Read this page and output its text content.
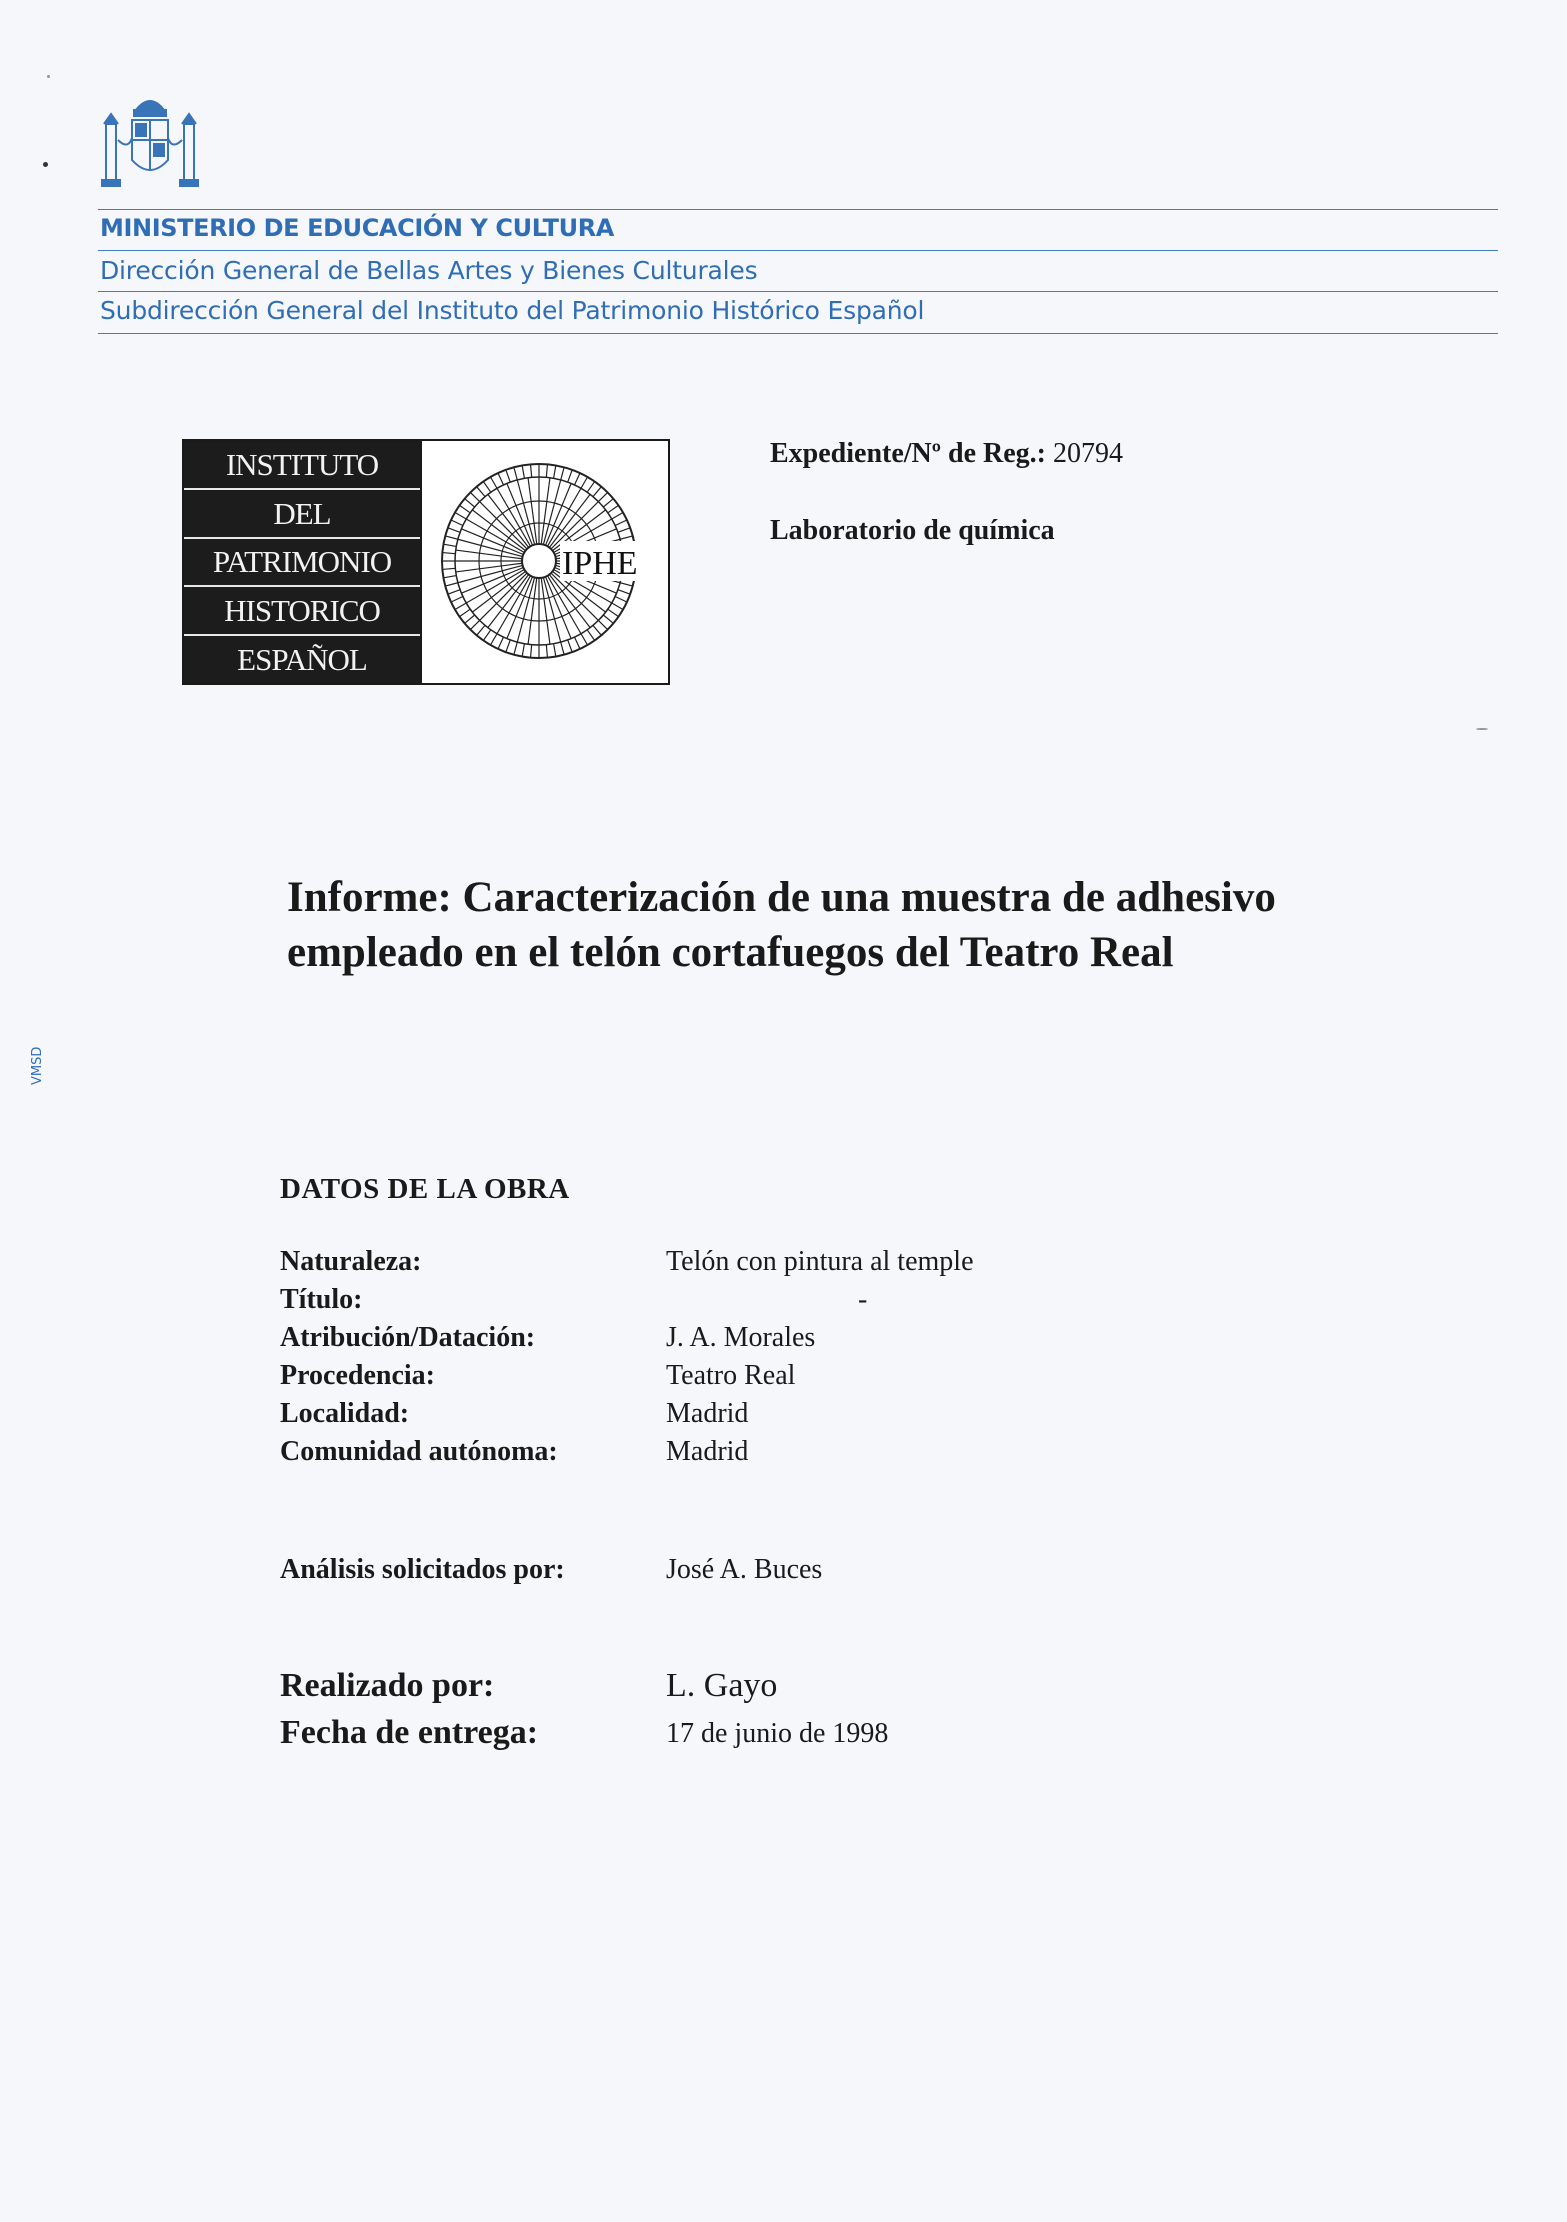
MINISTERIO DE EDUCACIÓN Y CULTURA
Dirección General de Bellas Artes y Bienes Culturales
Subdirección General del Instituto del Patrimonio Histórico Español
INSTITUTO
DEL
PATRIMONIO
HISTORICO
ESPAÑOL
IPHE
Expediente/Nº de Reg.: 20794
Laboratorio de química
Informe: Caracterización de una muestra de adhesivo empleado en el telón cortafuegos del Teatro Real
VMSD
DATOS DE LA OBRA
Naturaleza:	Telón con pintura al temple
Título:	-
Atribución/Datación:	J. A. Morales
Procedencia:	Teatro Real
Localidad:	Madrid
Comunidad autónoma:	Madrid
Análisis solicitados por:	José A. Buces
Realizado por:	L. Gayo
Fecha de entrega:	17 de junio de 1998
